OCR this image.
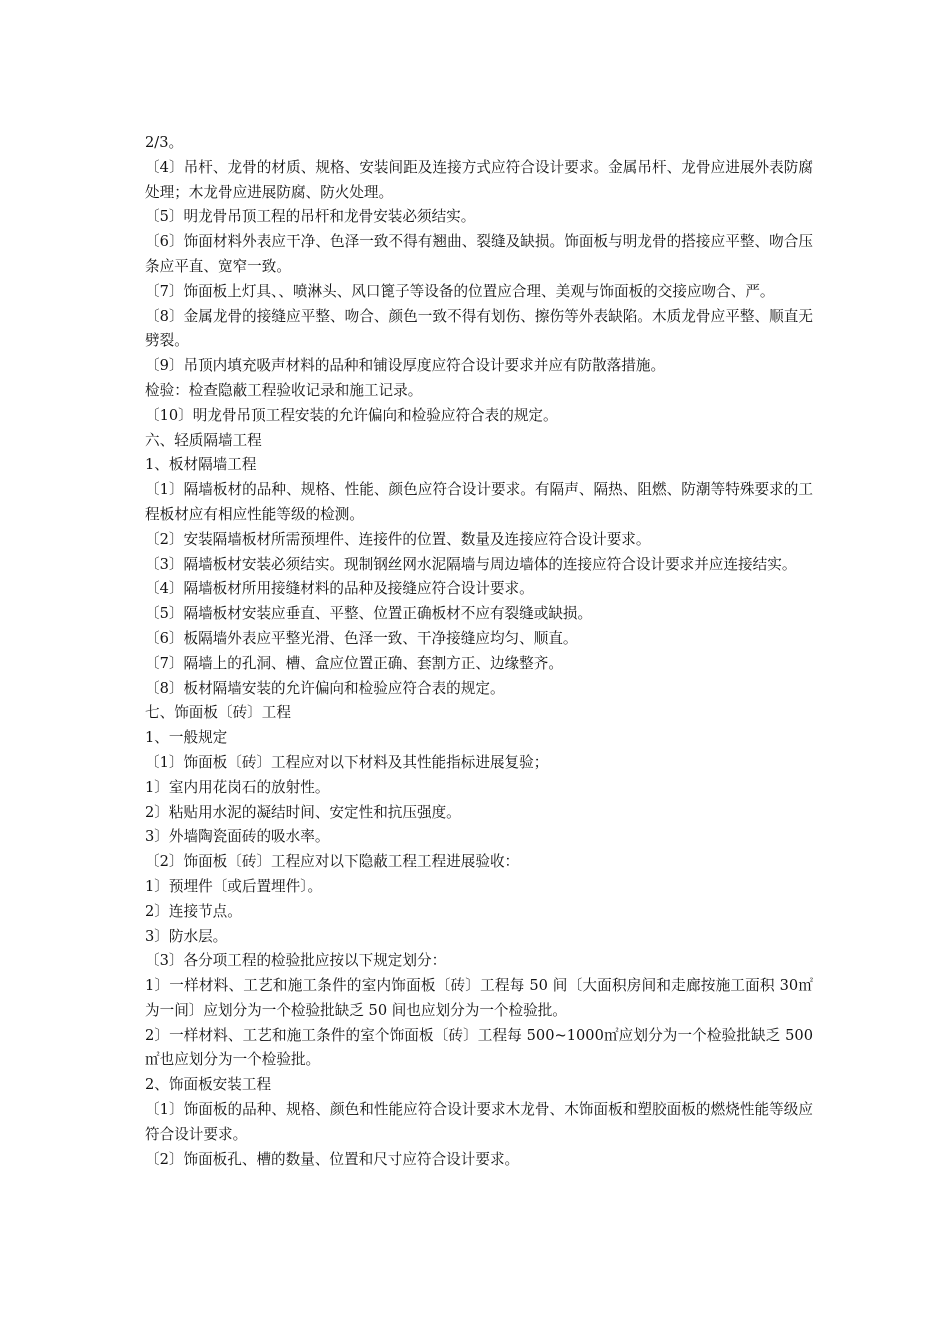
2/3。

〔4〕吊杆、龙骨的材质、规格、安装间距及连接方式应符合设计要求。金属吊杆、龙骨应进展外表防腐处理；木龙骨应进展防腐、防火处理。

〔5〕明龙骨吊顶工程的吊杆和龙骨安装必须结实。

〔6〕饰面材料外表应干净、色泽一致不得有翘曲、裂缝及缺损。饰面板与明龙骨的搭接应平整、吻合压条应平直、宽窄一致。

〔7〕饰面板上灯具、、喷淋头、风口篦子等设备的位置应合理、美观与饰面板的交接应吻合、严。

〔8〕金属龙骨的接缝应平整、吻合、颜色一致不得有划伤、擦伤等外表缺陷。木质龙骨应平整、顺直无劈裂。

〔9〕吊顶内填充吸声材料的品种和铺设厚度应符合设计要求并应有防散落措施。

检验：检查隐蔽工程验收记录和施工记录。

〔10〕明龙骨吊顶工程安装的允许偏向和检验应符合表的规定。

六、轻质隔墙工程

1、板材隔墙工程

〔1〕隔墙板材的品种、规格、性能、颜色应符合设计要求。有隔声、隔热、阻燃、防潮等特殊要求的工程板材应有相应性能等级的检测。

〔2〕安装隔墙板材所需预埋件、连接件的位置、数量及连接应符合设计要求。

〔3〕隔墙板材安装必须结实。现制钢丝网水泥隔墙与周边墙体的连接应符合设计要求并应连接结实。

〔4〕隔墙板材所用接缝材料的品种及接缝应符合设计要求。

〔5〕隔墙板材安装应垂直、平整、位置正确板材不应有裂缝或缺损。

〔6〕板隔墙外表应平整光滑、色泽一致、干净接缝应均匀、顺直。

〔7〕隔墙上的孔洞、槽、盒应位置正确、套割方正、边缘整齐。

〔8〕板材隔墙安装的允许偏向和检验应符合表的规定。

七、饰面板〔砖〕工程

1、一般规定

〔1〕饰面板〔砖〕工程应对以下材料及其性能指标进展复验；

1〕室内用花岗石的放射性。

2〕粘贴用水泥的凝结时间、安定性和抗压强度。

3〕外墙陶瓷面砖的吸水率。

〔2〕饰面板〔砖〕工程应对以下隐蔽工程工程进展验收：

1〕预埋件〔或后置埋件〕。

2〕连接节点。

3〕防水层。

〔3〕各分项工程的检验批应按以下规定划分：

1〕一样材料、工艺和施工条件的室内饰面板〔砖〕工程每 50 间〔大面积房间和走廊按施工面积 30㎡为一间〕应划分为一个检验批缺乏 50 间也应划分为一个检验批。

2〕一样材料、工艺和施工条件的室个饰面板〔砖〕工程每 500~1000㎡应划分为一个检验批缺乏 500㎡也应划分为一个检验批。

2、饰面板安装工程

〔1〕饰面板的品种、规格、颜色和性能应符合设计要求木龙骨、木饰面板和塑胶面板的燃烧性能等级应符合设计要求。

〔2〕饰面板孔、槽的数量、位置和尺寸应符合设计要求。
